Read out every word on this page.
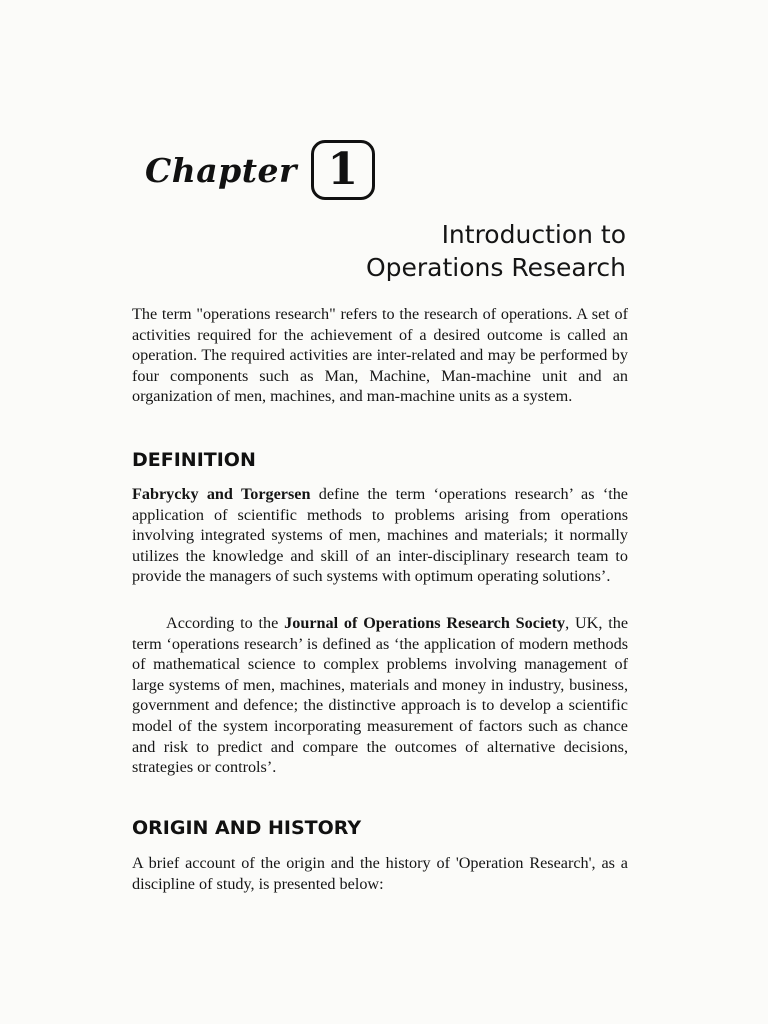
Chapter 1
Introduction to
Operations Research

The term "operations research" refers to the research of operations. A set of activities required for the achievement of a desired outcome is called an operation. The required activities are inter-related and may be performed by four components such as Man, Machine, Man-machine unit and an organization of men, machines, and man-machine units as a system.

DEFINITION

Fabrycky and Torgersen define the term ‘operations research’ as ‘the application of scientific methods to problems arising from operations involving integrated systems of men, machines and materials; it normally utilizes the knowledge and skill of an inter-disciplinary research team to provide the managers of such systems with optimum operating solutions’.

According to the Journal of Operations Research Society, UK, the term ‘operations research’ is defined as ‘the application of modern methods of mathematical science to complex problems involving management of large systems of men, machines, materials and money in industry, business, government and defence; the distinctive approach is to develop a scientific model of the system incorporating measurement of factors such as chance and risk to predict and compare the outcomes of alternative decisions, strategies or controls’.

ORIGIN AND HISTORY

A brief account of the origin and the history of 'Operation Research', as a discipline of study, is presented below:
